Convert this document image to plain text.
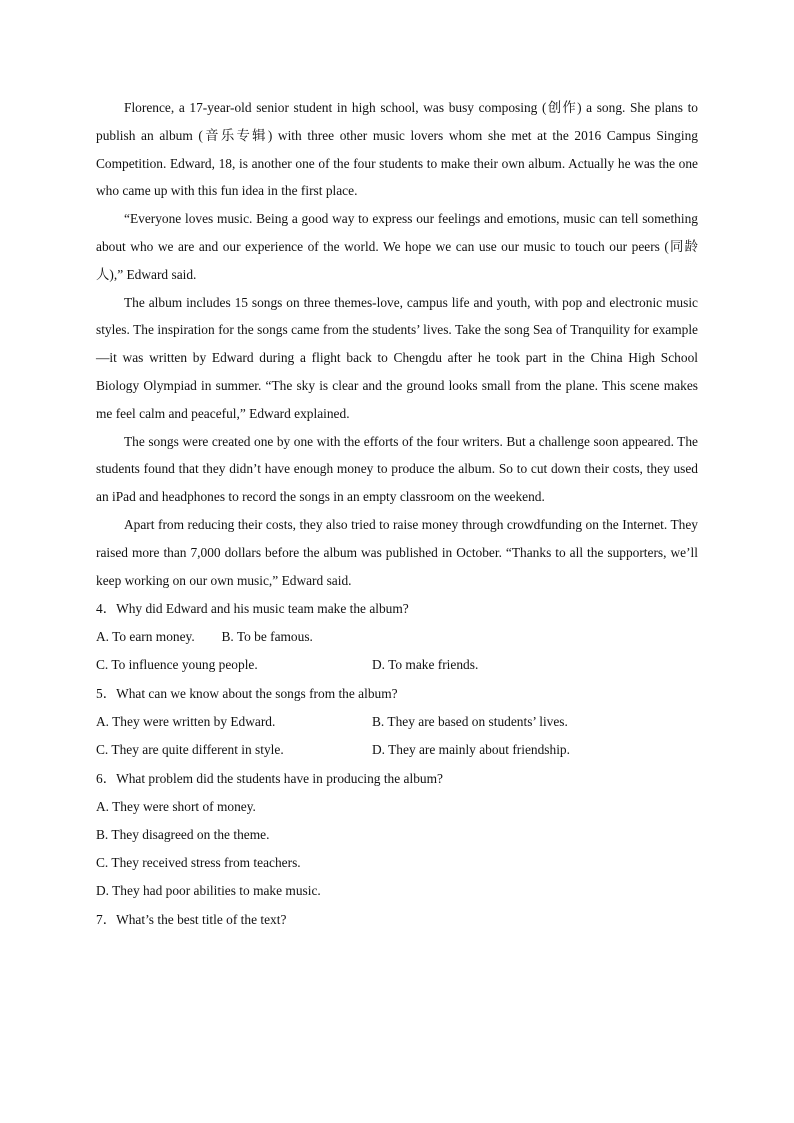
Florence, a 17-year-old senior student in high school, was busy composing (创作) a song. She plans to publish an album (音乐专辑) with three other music lovers whom she met at the 2016 Campus Singing Competition. Edward, 18, is another one of the four students to make their own album. Actually he was the one who came up with this fun idea in the first place.

“Everyone loves music. Being a good way to express our feelings and emotions, music can tell something about who we are and our experience of the world. We hope we can use our music to touch our peers (同龄人),” Edward said.

The album includes 15 songs on three themes-love, campus life and youth, with pop and electronic music styles. The inspiration for the songs came from the students’ lives. Take the song Sea of Tranquility for example—it was written by Edward during a flight back to Chengdu after he took part in the China High School Biology Olympiad in summer. “The sky is clear and the ground looks small from the plane. This scene makes me feel calm and peaceful,” Edward explained.

The songs were created one by one with the efforts of the four writers. But a challenge soon appeared. The students found that they didn’t have enough money to produce the album. So to cut down their costs, they used an iPad and headphones to record the songs in an empty classroom on the weekend.

Apart from reducing their costs, they also tried to raise money through crowdfunding on the Internet. They raised more than 7,000 dollars before the album was published in October. “Thanks to all the supporters, we’ll keep working on our own music,” Edward said.

4．Why did Edward and his music team make the album?

A. To earn money. B. To be famous.
C. To influence young people.	D. To make friends.

5．What can we know about the songs from the album?

A. They were written by Edward.	B. They are based on students’ lives.
C. They are quite different in style.	D. They are mainly about friendship.

6．What problem did the students have in producing the album?

A. They were short of money.

B. They disagreed on the theme.

C. They received stress from teachers.

D. They had poor abilities to make music.

7．What’s the best title of the text?
